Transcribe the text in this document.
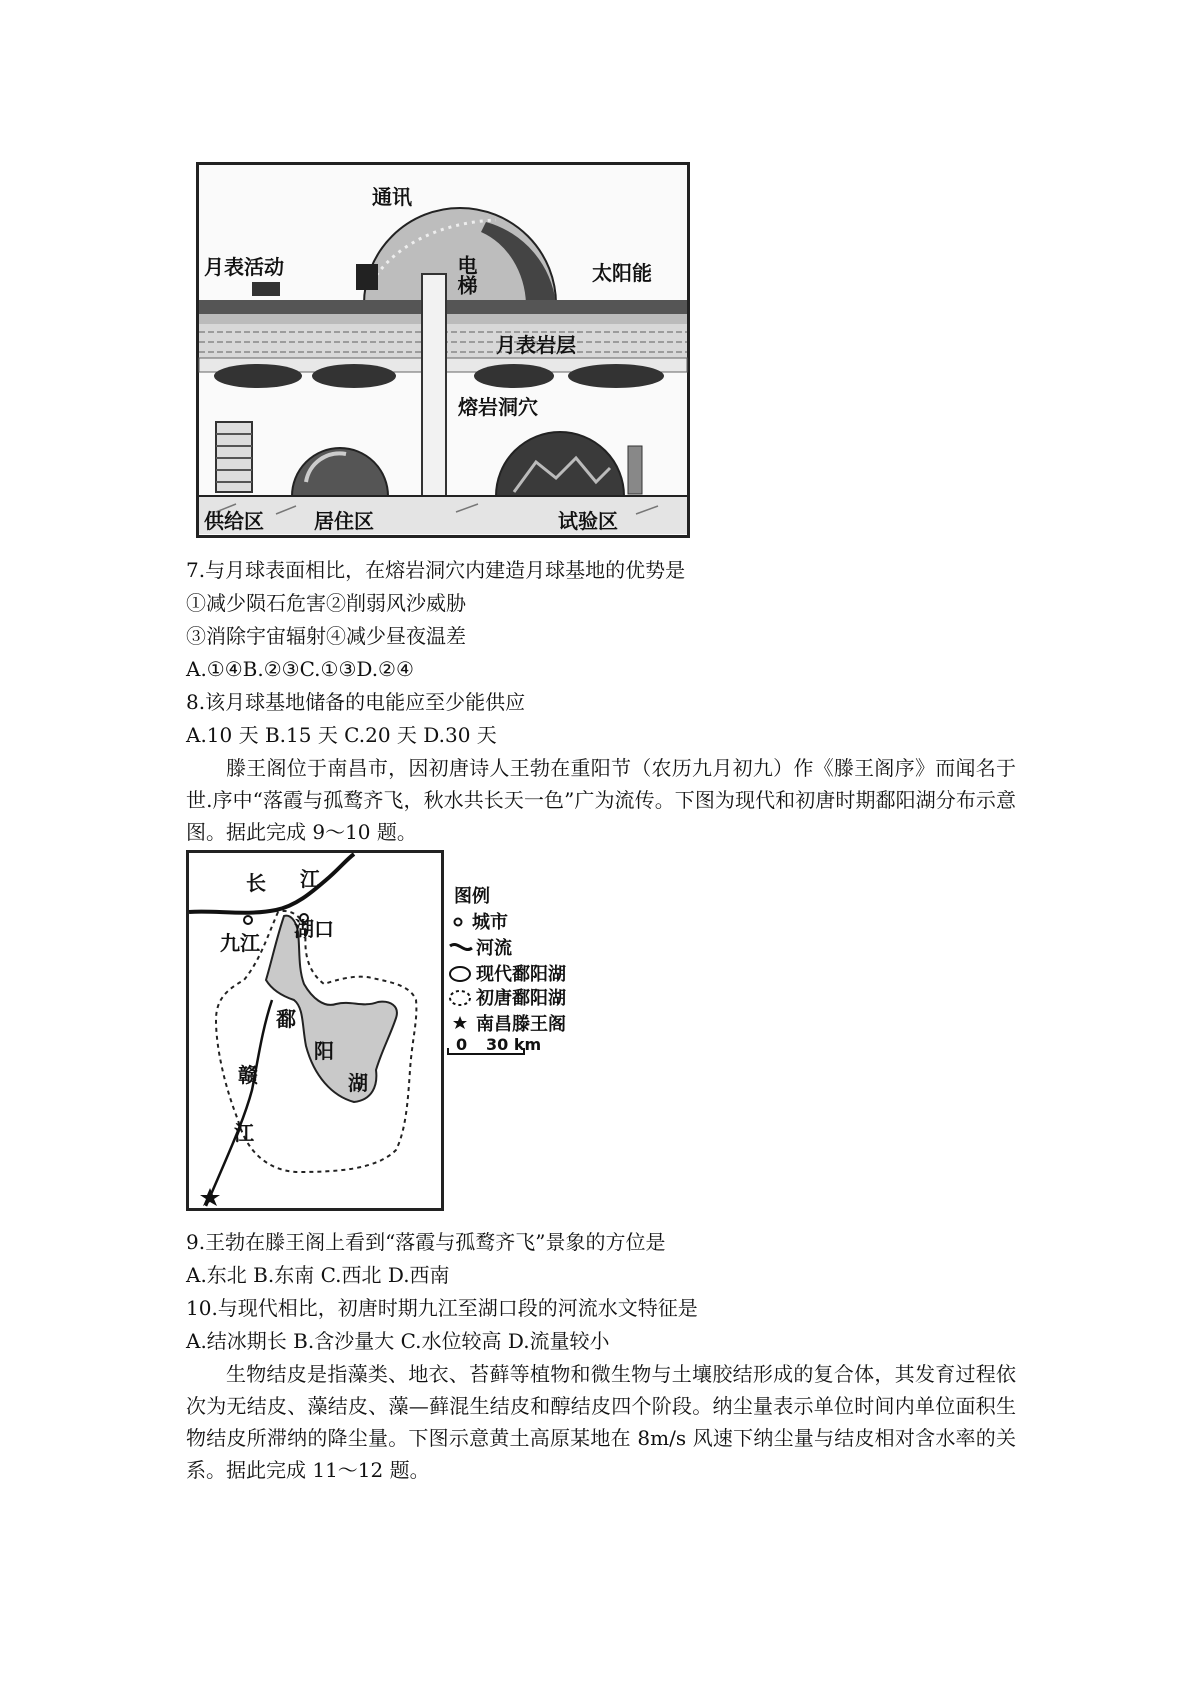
通讯
月表活动	太阳能
电梯
月表岩层
熔岩洞穴
供给区	居住区	试验区
7.与月球表面相比，在熔岩洞穴内建造月球基地的优势是
①减少陨石危害②削弱风沙威胁
③消除宇宙辐射④减少昼夜温差
A.①④B.②③C.①③D.②④
8.该月球基地储备的电能应至少能供应
A.10 天 B.15 天 C.20 天 D.30 天
滕王阁位于南昌市，因初唐诗人王勃在重阳节（农历九月初九）作《滕王阁序》而闻名于世.序中“落霞与孤鹜齐飞，秋水共长天一色”广为流传。下图为现代和初唐时期鄱阳湖分布示意图。据此完成 9～10 题。
长 江
九江
湖口
鄱
阳
湖
赣
江
图例
城市
河流
现代鄱阳湖
初唐鄱阳湖
南昌滕王阁
0 30 km
9.王勃在滕王阁上看到“落霞与孤鹜齐飞”景象的方位是
A.东北 B.东南 C.西北 D.西南
10.与现代相比，初唐时期九江至湖口段的河流水文特征是
A.结冰期长 B.含沙量大 C.水位较高 D.流量较小
生物结皮是指藻类、地衣、苔藓等植物和微生物与土壤胶结形成的复合体，其发育过程依次为无结皮、藻结皮、藻—藓混生结皮和醇结皮四个阶段。纳尘量表示单位时间内单位面积生物结皮所滞纳的降尘量。下图示意黄土高原某地在 8m/s 风速下纳尘量与结皮相对含水率的关系。据此完成 11～12 题。
